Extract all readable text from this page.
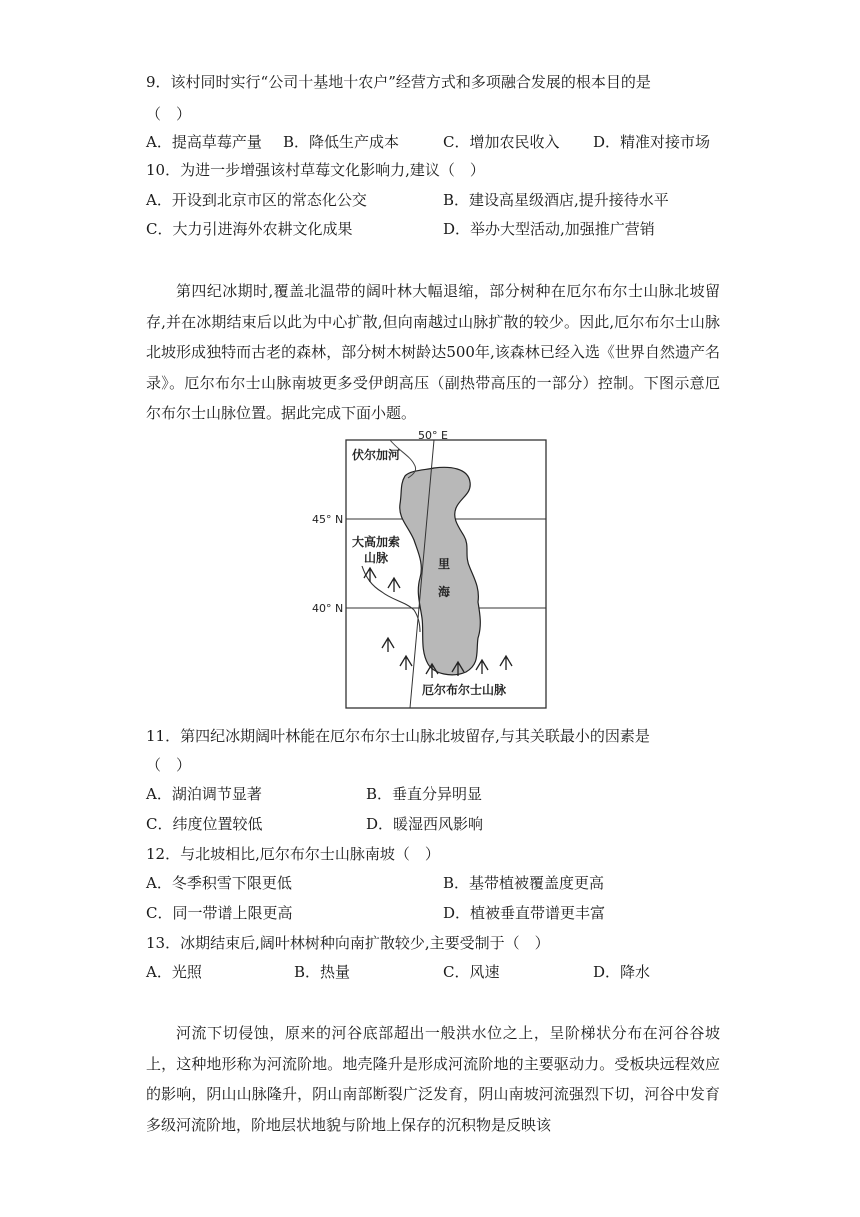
9．该村同时实行“公司十基地十农户”经营方式和多项融合发展的根本目的是
（　）
A．提高草莓产量 B．降低生产成本	C．增加农民收入 D．精准对接市场
10．为进一步增强该村草莓文化影响力,建议（　）
A．开设到北京市区的常态化公交	B．建设高星级酒店,提升接待水平
C．大力引进海外农耕文化成果	D．举办大型活动,加强推广营销

第四纪冰期时,覆盖北温带的阔叶林大幅退缩，部分树种在厄尔布尔士山脉北坡留存,并在冰期结束后以此为中心扩散,但向南越过山脉扩散的较少。因此,厄尔布尔士山脉北坡形成独特而古老的森林，部分树木树龄达500年,该森林已经入选《世界自然遗产名录》。厄尔布尔士山脉南坡更多受伊朗高压（副热带高压的一部分）控制。下图示意厄尔布尔士山脉位置。据此完成下面小题。

50° E
45° N
40° N
伏尔加河
大高加索
山脉	里
海
厄尔布尔士山脉
11．第四纪冰期阔叶林能在厄尔布尔士山脉北坡留存,与其关联最小的因素是
（　）
A．湖泊调节显著	B．垂直分异明显
C．纬度位置较低	D．暖湿西风影响
12．与北坡相比,厄尔布尔士山脉南坡（　）
A．冬季积雪下限更低	B．基带植被覆盖度更高
C．同一带谱上限更高	D．植被垂直带谱更丰富
13．冰期结束后,阔叶林树种向南扩散较少,主要受制于（　）
A．光照	B．热量	C．风速	D．降水

河流下切侵蚀，原来的河谷底部超出一般洪水位之上，呈阶梯状分布在河谷谷坡上，这种地形称为河流阶地。地壳隆升是形成河流阶地的主要驱动力。受板块远程效应的影响，阴山山脉隆升，阴山南部断裂广泛发育，阴山南坡河流强烈下切，河谷中发育多级河流阶地，阶地层状地貌与阶地上保存的沉积物是反映该
